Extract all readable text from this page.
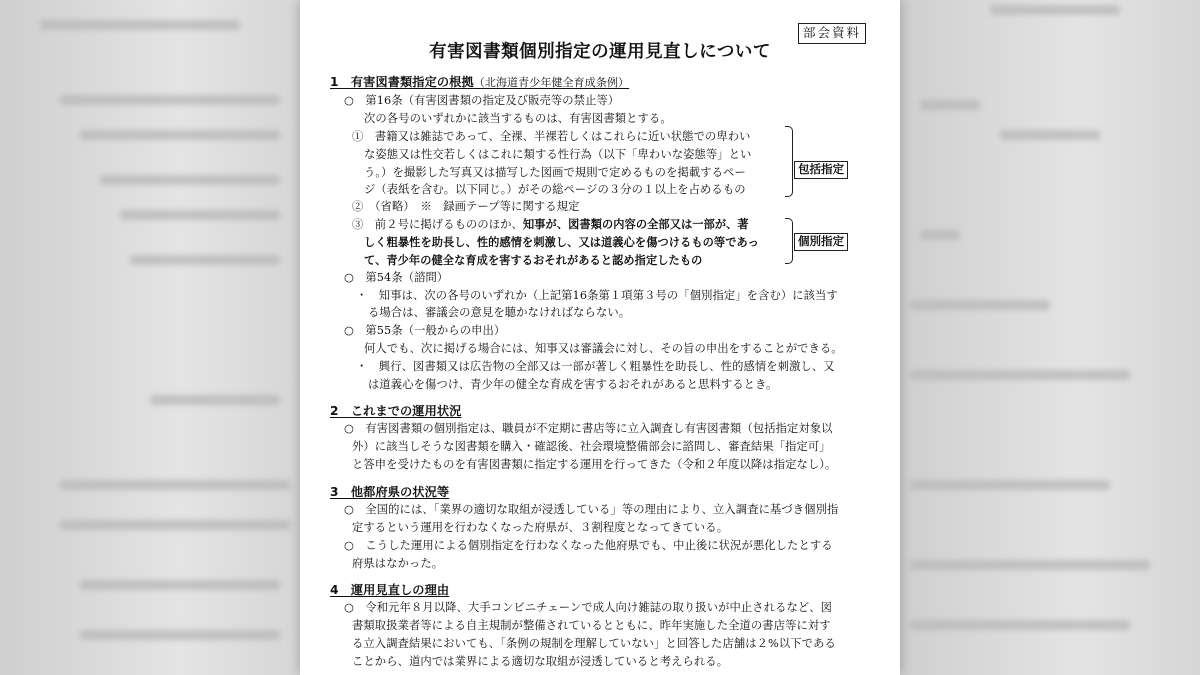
部会資料
有害図書類個別指定の運用見直しについて
1　有害図書類指定の根拠（北海道青少年健全育成条例）
○　第16条（有害図書類の指定及び販売等の禁止等）
次の各号のいずれかに該当するものは、有害図書類とする。
①　書籍又は雑誌であって、全裸、半裸若しくはこれらに近い状態での卑わい
な姿態又は性交若しくはこれに類する性行為（以下「卑わいな姿態等」とい
う。）を撮影した写真又は描写した図画で規則で定めるものを掲載するペー
ジ（表紙を含む。以下同じ。）がその総ページの３分の１以上を占めるもの
②　（省略）　※　録画テープ等に関する規定
③　前２号に掲げるもののほか、知事が、図書類の内容の全部又は一部が、著
しく粗暴性を助長し、性的感情を刺激し、又は道義心を傷つけるもの等であっ
て、青少年の健全な育成を害するおそれがあると認め指定したもの
包括指定
個別指定
○　第54条（諮問）
・　知事は、次の各号のいずれか（上記第16条第１項第３号の「個別指定」を含む）に該当す
る場合は、審議会の意見を聴かなければならない。
○　第55条（一般からの申出）
何人でも、次に掲げる場合には、知事又は審議会に対し、その旨の申出をすることができる。
・　興行、図書類又は広告物の全部又は一部が著しく粗暴性を助長し、性的感情を刺激し、又
は道義心を傷つけ、青少年の健全な育成を害するおそれがあると思料するとき。
2　これまでの運用状況
○　有害図書類の個別指定は、職員が不定期に書店等に立入調査し有害図書類（包括指定対象以
外）に該当しそうな図書類を購入・確認後、社会環境整備部会に諮問し、審査結果「指定可」
と答申を受けたものを有害図書類に指定する運用を行ってきた（令和２年度以降は指定なし）。
3　他都府県の状況等
○　全国的には、「業界の適切な取組が浸透している」等の理由により、立入調査に基づき個別指
定するという運用を行わなくなった府県が、３割程度となってきている。
○　こうした運用による個別指定を行わなくなった他府県でも、中止後に状況が悪化したとする
府県はなかった。
4　運用見直しの理由
○　令和元年８月以降、大手コンビニチェーンで成人向け雑誌の取り扱いが中止されるなど、図
書類取扱業者等による自主規制が整備されているとともに、昨年実施した全道の書店等に対す
る立入調査結果においても、「条例の規制を理解していない」と回答した店舗は２%以下である
ことから、道内では業界による適切な取組が浸透していると考えられる。
